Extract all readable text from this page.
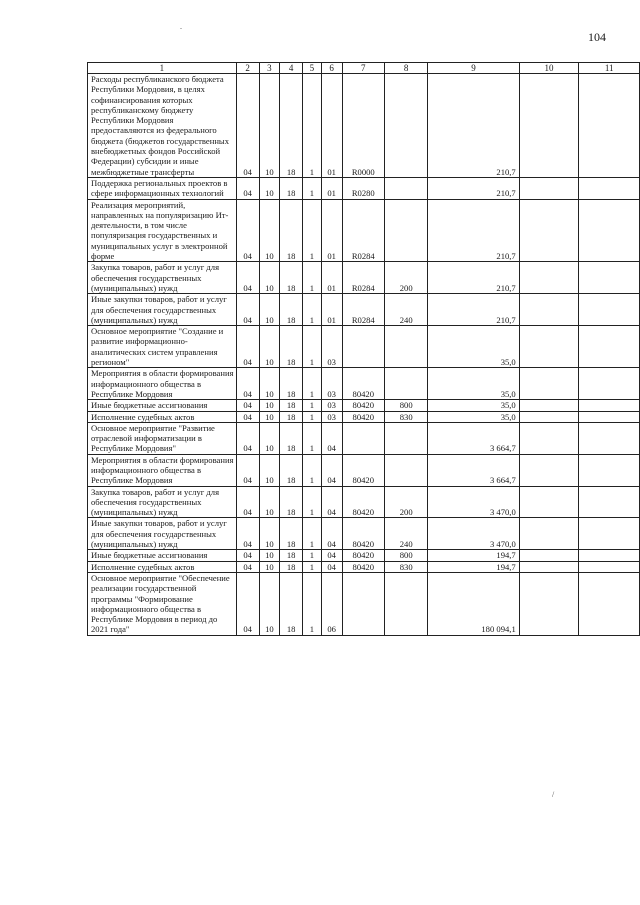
104
1	2	3	4	5	6	7	8	9	10	11
Расходы республиканского бюджета Республики Мордовия, в целях софинансирования которых республиканскому бюджету Республики Мордовия предоставляются из федерального бюджета (бюджетов государственных внебюджетных фондов Российской Федерации) субсидии и иные межбюджетные трансферты	04	10	18	1	01	R0000		210,7		
Поддержка региональных проектов в сфере информационных технологий	04	10	18	1	01	R0280		210,7		
Реализация мероприятий, направленных на популяризацию Ит-деятельности, в том числе популяризация государственных и муниципальных услуг в электронной форме	04	10	18	1	01	R0284		210,7		
Закупка товаров, работ и услуг для обеспечения государственных (муниципальных) нужд	04	10	18	1	01	R0284	200	210,7		
Иные закупки товаров, работ и услуг для обеспечения государственных (муниципальных) нужд	04	10	18	1	01	R0284	240	210,7		
Основное мероприятие "Создание и развитие информационно-аналитических систем управления регионом"	04	10	18	1	03			35,0		
Мероприятия в области формирования информационного общества в Республике Мордовия	04	10	18	1	03	80420		35,0		
Иные бюджетные ассигнования	04	10	18	1	03	80420	800	35,0		
Исполнение судебных актов	04	10	18	1	03	80420	830	35,0		
Основное мероприятие "Развитие отраслевой информатизации в Республике Мордовия"	04	10	18	1	04			3 664,7		
Мероприятия в области формирования информационного общества в Республике Мордовия	04	10	18	1	04	80420		3 664,7		
Закупка товаров, работ и услуг для обеспечения государственных (муниципальных) нужд	04	10	18	1	04	80420	200	3 470,0		
Иные закупки товаров, работ и услуг для обеспечения государственных (муниципальных) нужд	04	10	18	1	04	80420	240	3 470,0		
Иные бюджетные ассигнования	04	10	18	1	04	80420	800	194,7		
Исполнение судебных актов	04	10	18	1	04	80420	830	194,7		
Основное мероприятие "Обеспечение реализации государственной программы "Формирование информационного общества в Республике Мордовия в период до 2021 года"	04	10	18	1	06			180 094,1		
.
/
